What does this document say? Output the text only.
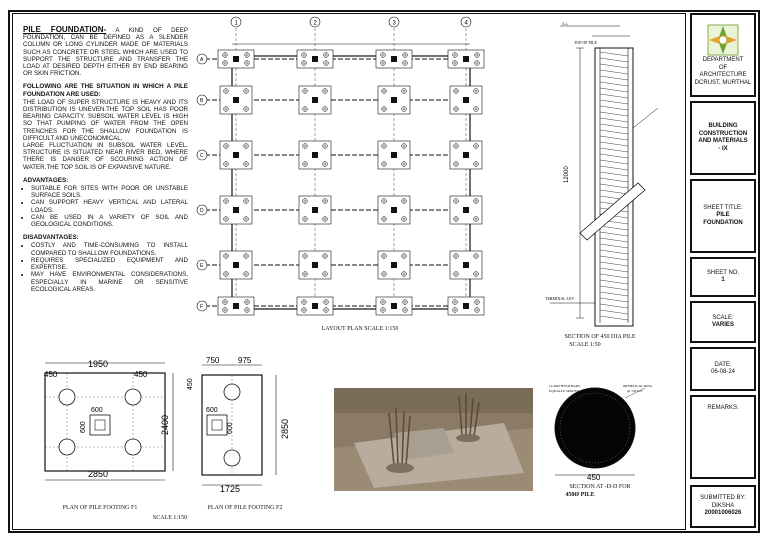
PILE FOUNDATION- A KIND OF DEEP FOUNDATION, CAN BE DEFINED AS A SLENDER COLUMN OR LONG CYLINDER MADE OF MATERIALS SUCH AS CONCRETE OR STEEL WHICH ARE USED TO SUPPORT THE STRUCTURE AND TRANSFER THE LOAD AT DESIRED DEPTH EITHER BY END BEARING OR SKIN FRICTION.

FOLLOWING ARE THE SITUATION IN WHICH A PILE FOUNDATION ARE USED:

THE LOAD OF SUPER STRUCTURE IS HEAVY AND ITS DISTRIBUTION IS UNEVEN.THE TOP SOIL HAS POOR BEARING CAPACITY. SUBSOIL WATER LEVEL IS HIGH SO THAT PUMPING OF WATER FROM THE OPEN TRENCHES FOR THE SHALLOW FOUNDATION IS DIFFICULT AND UNECONOMICAL.

LARGE FLUCTUATION IN SUBSOIL WATER LEVEL. STRUCTURE IS SITUATED NEAR RIVER BED, WHERE THERE IS DANGER OF SCOURING ACTION OF WATER.THE TOP SOIL IS OF EXPANSIVE NATURE.

ADVANTAGES:
• SUITABLE FOR SITES WITH POOR OR UNSTABLE SURFACE SOILS.
• CAN SUPPORT HEAVY VERTICAL AND LATERAL LOADS.
• CAN BE USED IN A VARIETY OF SOIL AND GEOLOGICAL CONDITIONS.
DISADVANTAGES:
• COSTLY AND TIME-CONSUMING TO INSTALL COMPARED TO SHALLOW FOUNDATIONS.
• REQUIRES SPECIALIZED EQUIPMENT AND EXPERTISE.
• MAY HAVE ENVIRONMENTAL CONSIDERATIONS, ESPECIALLY IN MARINE OR SENSITIVE ECOLOGICAL AREAS.
1	2	3	4
A
B
C
D
E
F
LAYOUT PLAN SCALE 1:150
G.L.
TOP OF PILE
TERMINAL LEV.
12000
SECTION OF 450 DIA PILE
SCALE 1:50
1950
450	450
600
600	2400
2850
PLAN OF PILE FOOTING F1
750 975
450
600
600	2850
1725
PLAN OF PILE FOOTING F2
SCALE 1:150
12-20Ø HYSD BARS
EQUALLY SPACED
8Ø HELICAL RING
@ 150 C/C
450
SECTION AT -D-D FOR
450Ø PILE
DEPARTMENT
OF
ARCHITECTURE
DCRUST, MURTHAL
BUILDING CONSTRUCTION AND MATERIALS - IX
SHEET TITLE:
PILE FOUNDATION
SHEET NO.
1
SCALE:
VARIES
DATE:
06-08-24
REMARKS:
SUBMITTED BY:
DIKSHA
20001006026
